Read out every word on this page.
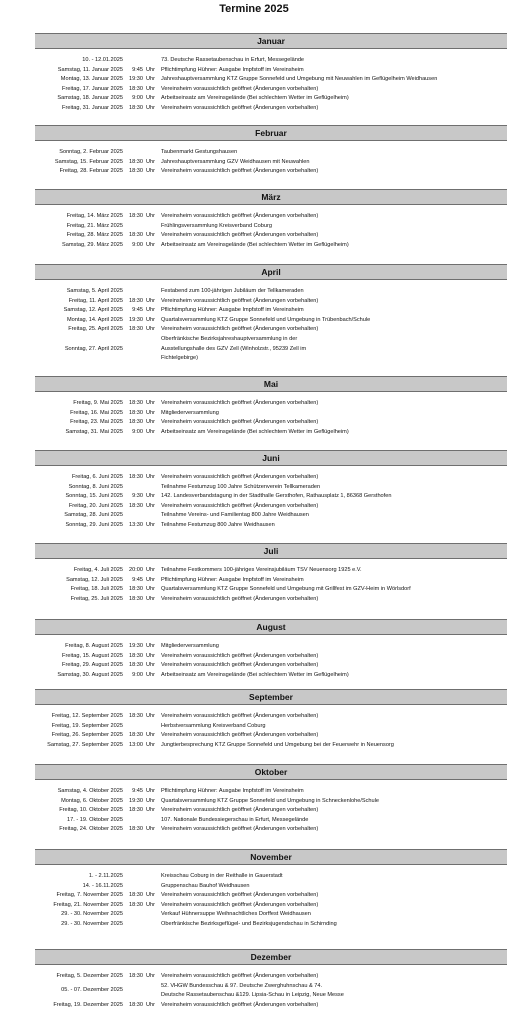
Termine 2025
Januar
10. - 12.01.2025	73. Deutsche Rassetaubenschau in Erfurt, Messegelände
Samstag, 11. Januar 2025	9:45 Uhr	Pflichtimpfung Hühner: Ausgabe Impfstoff im Vereinsheim
Montag, 13. Januar 2025	19:30 Uhr	Jahreshauptversammlung KTZ Gruppe Sonnefeld und Umgebung mit Neuwahlen im Geflügelheim Weidhausen
Freitag, 17. Januar 2025	18:30 Uhr	Vereinsheim voraussichtlich geöffnet (Änderungen vorbehalten)
Samstag, 18. Januar 2025	9:00 Uhr	Arbeitseinsatz am Vereinsgelände (Bei schlechtem Wetter im Geflügelheim)
Freitag, 31. Januar 2025	18:30 Uhr	Vereinsheim voraussichtlich geöffnet (Änderungen vorbehalten)
Februar
Sonntag, 2. Februar 2025	Taubenmarkt Gestungshausen
Samstag, 15. Februar 2025	18:30 Uhr	Jahreshauptversammlung GZV Weidhausen mit Neuwahlen
Freitag, 28. Februar 2025	18:30 Uhr	Vereinsheim voraussichtlich geöffnet (Änderungen vorbehalten)
März
Freitag, 14. März 2025	18:30 Uhr	Vereinsheim voraussichtlich geöffnet (Änderungen vorbehalten)
Freitag, 21. März 2025	Frühlingsversammlung Kreisverband Coburg
Freitag, 28. März 2025	18:30 Uhr	Vereinsheim voraussichtlich geöffnet (Änderungen vorbehalten)
Samstag, 29. März 2025	9:00 Uhr	Arbeitseinsatz am Vereinsgelände (Bei schlechtem Wetter im Geflügelheim)
April
Samstag, 5. April 2025	Festabend zum 100-jährigen Jubiläum der Tellkameraden
Freitag, 11. April 2025	18:30 Uhr	Vereinsheim voraussichtlich geöffnet (Änderungen vorbehalten)
Samstag, 12. April 2025	9:45 Uhr	Pflichtimpfung Hühner: Ausgabe Impfstoff im Vereinsheim
Montag, 14. April 2025	19:30 Uhr	Quartalsversammlung KTZ Gruppe Sonnefeld und Umgebung in Trübenbach/Schule
Freitag, 25. April 2025	18:30 Uhr	Vereinsheim voraussichtlich geöffnet (Änderungen vorbehalten)
Sonntag, 27. April 2025
Oberfränkische Bezirksjahreshauptversammlung in der
Ausstellungshalle des GZV Zell (Winholzstr., 95239 Zell im
Fichtelgebirge)
Mai
Freitag, 9. Mai 2025	18:30 Uhr	Vereinsheim voraussichtlich geöffnet (Änderungen vorbehalten)
Freitag, 16. Mai 2025	18:30 Uhr	Mitgliederversammlung
Freitag, 23. Mai 2025	18:30 Uhr	Vereinsheim voraussichtlich geöffnet (Änderungen vorbehalten)
Samstag, 31. Mai 2025	9:00 Uhr	Arbeitseinsatz am Vereinsgelände (Bei schlechtem Wetter im Geflügelheim)
Juni
Freitag, 6. Juni 2025	18:30 Uhr	Vereinsheim voraussichtlich geöffnet (Änderungen vorbehalten)
Sonntag, 8. Juni 2025	Teilnahme Festumzug 100 Jahre Schützenverein Tellkameraden
Sonntag, 15. Juni 2025	9:30 Uhr	142. Landesverbandstagung in der Stadthalle Gersthofen, Rathausplatz 1, 86368 Gersthofen
Freitag, 20. Juni 2025	18:30 Uhr	Vereinsheim voraussichtlich geöffnet (Änderungen vorbehalten)
Samstag, 28. Juni 2025	Teilnahme Vereins- und Familientag 800 Jahre Weidhausen
Sonntag, 29. Juni 2025	13:30 Uhr	Teilnahme Festumzug 800 Jahre Weidhausen
Juli
Freitag, 4. Juli 2025	20:00 Uhr	Teilnahme Festkommers 100-jähriges Vereinsjubiläum TSV Neuensorg 1925 e.V.
Samstag, 12. Juli 2025	9:45 Uhr	Pflichtimpfung Hühner: Ausgabe Impfstoff im Vereinsheim
Freitag, 18. Juli 2025	18:30 Uhr	Quartalsversammlung KTZ Gruppe Sonnefeld und Umgebung mit Grillfest im GZV-Heim in Wörlsdorf
Freitag, 25. Juli 2025	18:30 Uhr	Vereinsheim voraussichtlich geöffnet (Änderungen vorbehalten)
August
Freitag, 8. August 2025	19:30 Uhr	Mitgliederversammlung
Freitag, 15. August 2025	18:30 Uhr	Vereinsheim voraussichtlich geöffnet (Änderungen vorbehalten)
Freitag, 29. August 2025	18:30 Uhr	Vereinsheim voraussichtlich geöffnet (Änderungen vorbehalten)
Samstag, 30. August 2025	9:00 Uhr	Arbeitseinsatz am Vereinsgelände (Bei schlechtem Wetter im Geflügelheim)
September
Freitag, 12. September 2025	18:30 Uhr	Vereinsheim voraussichtlich geöffnet (Änderungen vorbehalten)
Freitag, 19. September 2025	Herbstversammlung Kreisverband Coburg
Freitag, 26. September 2025	18:30 Uhr	Vereinsheim voraussichtlich geöffnet (Änderungen vorbehalten)
Samstag, 27. September 2025	13:00 Uhr	Jungtierbesprechung KTZ Gruppe Sonnefeld und Umgebung bei der Feuerwehr in Neuensorg
Oktober
Samstag, 4. Oktober 2025	9:45 Uhr	Pflichtimpfung Hühner: Ausgabe Impfstoff im Vereinsheim
Montag, 6. Oktober 2025	19:30 Uhr	Quartalsversammlung KTZ Gruppe Sonnefeld und Umgebung in Schneckenlohe/Schule
Freitag, 10. Oktober 2025	18:30 Uhr	Vereinsheim voraussichtlich geöffnet (Änderungen vorbehalten)
17. - 19. Oktober 2025	107. Nationale Bundessiegerschau in Erfurt, Messegelände
Freitag, 24. Oktober 2025	18:30 Uhr	Vereinsheim voraussichtlich geöffnet (Änderungen vorbehalten)
November
1. - 2.11.2025	Kreisschau Coburg in der Reithalle in Gauerstadt
14. - 16.11.2025	Gruppenschau Bauhof Weidhausen
Freitag, 7. November 2025	18:30 Uhr	Vereinsheim voraussichtlich geöffnet (Änderungen vorbehalten)
Freitag, 21. November 2025	18:30 Uhr	Vereinsheim voraussichtlich geöffnet (Änderungen vorbehalten)
29. - 30. November 2025	Verkauf Hühnersuppe Weihnachtliches Dorffest Weidhausen
29. - 30. November 2025	Oberfränkische Bezirksgeflügel- und Bezirksjugendschau in Schirnding
Dezember
Freitag, 5. Dezember 2025	18:30 Uhr	Vereinsheim voraussichtlich geöffnet (Änderungen vorbehalten)
05. - 07. Dezember 2025
52. VHGW Bundesschau & 97. Deutsche Zwerghuhnschau & 74.
Deutsche Rassetaubenschau &129. Lipsia-Schau in Leipzig, Neue Messe
Freitag, 19. Dezember 2025	18:30 Uhr	Vereinsheim voraussichtlich geöffnet (Änderungen vorbehalten)
